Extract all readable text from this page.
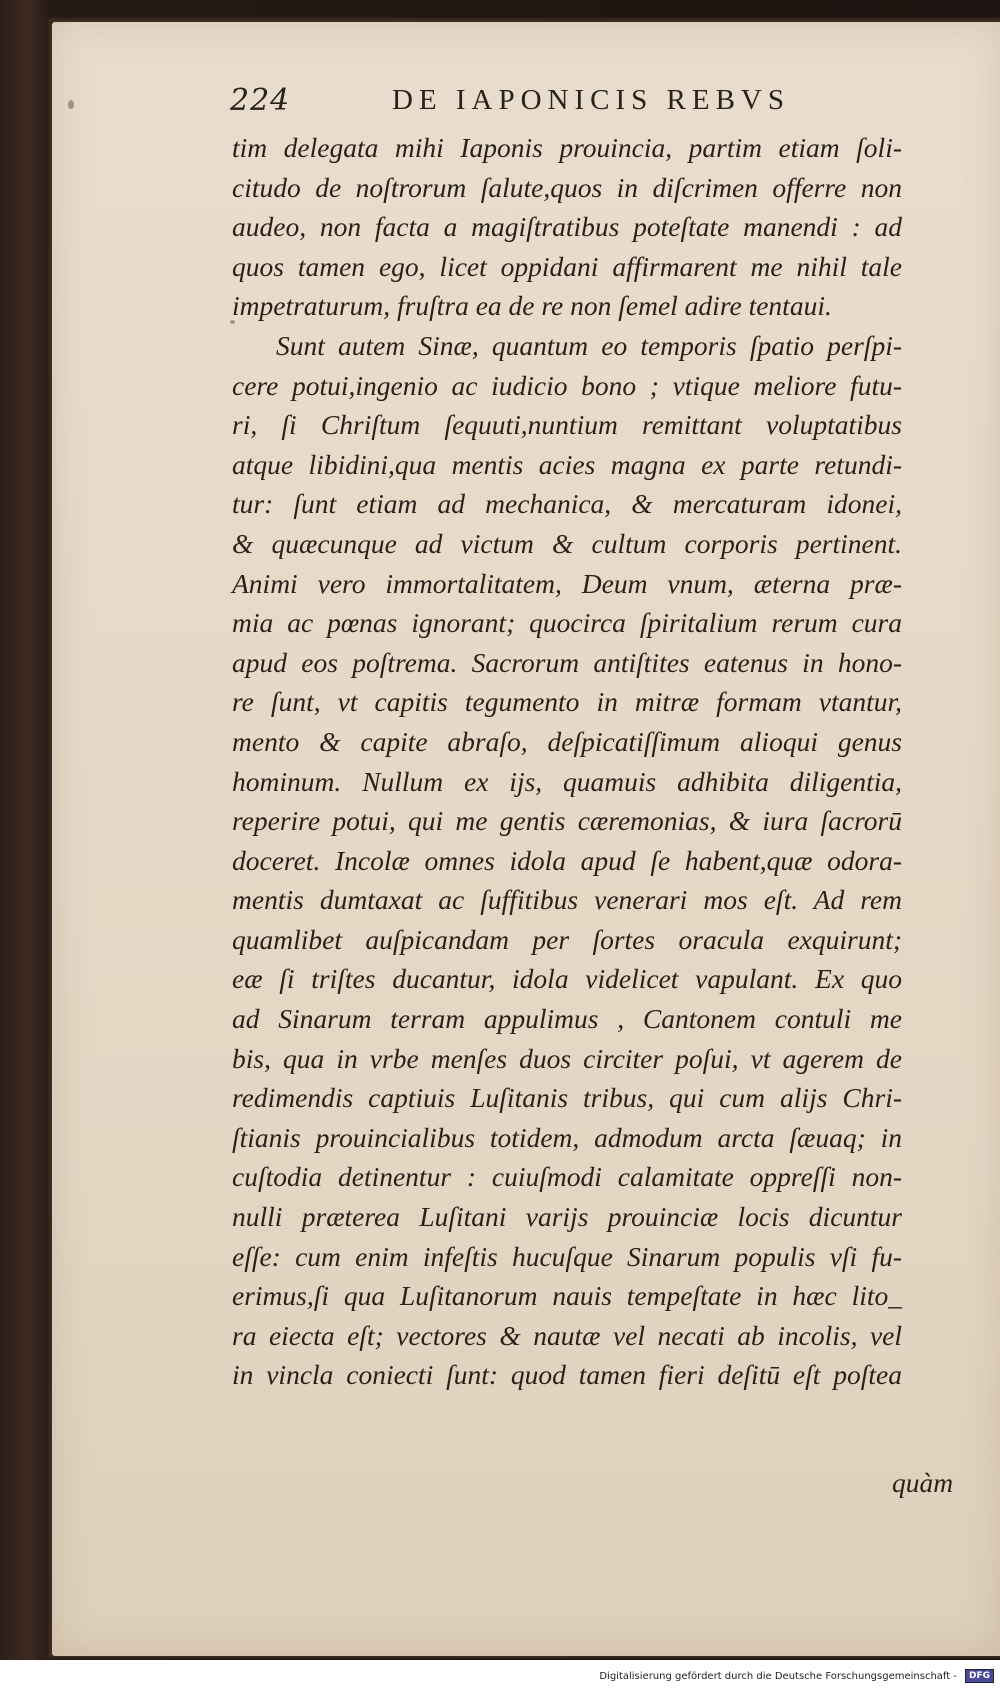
224	DE IAPONICIS REBVS
tim delegata mihi Iaponis prouincia, partim etiam ſoli-
citudo de noſtrorum ſalute,quos in diſcrimen offerre non
audeo, non facta a magiſtratibus poteſtate manendi : ad
quos tamen ego, licet oppidani affirmarent me nihil tale
impetraturum, fruſtra ea de re non ſemel adire tentaui.
Sunt autem Sinæ, quantum eo temporis ſpatio perſpi-
cere potui,ingenio ac iudicio bono ; vtique meliore futu-
ri, ſi Chriſtum ſequuti,nuntium remittant voluptatibus
atque libidini,qua mentis acies magna ex parte retundi-
tur: ſunt etiam ad mechanica, & mercaturam idonei,
& quæcunque ad victum & cultum corporis pertinent.
Animi vero immortalitatem, Deum vnum, æterna præ-
mia ac pœnas ignorant; quocirca ſpiritalium rerum cura
apud eos poſtrema. Sacrorum antiſtites eatenus in hono-
re ſunt, vt capitis tegumento in mitræ formam vtantur,
mento & capite abraſo, deſpicatiſſimum alioqui genus
hominum. Nullum ex ijs, quamuis adhibita diligentia,
reperire potui, qui me gentis cæremonias, & iura ſacrorū
doceret. Incolæ omnes idola apud ſe habent,quæ odora-
mentis dumtaxat ac ſuffitibus venerari mos eſt. Ad rem
quamlibet auſpicandam per ſortes oracula exquirunt;
eæ ſi triſtes ducantur, idola videlicet vapulant. Ex quo
ad Sinarum terram appulimus , Cantonem contuli me
bis, qua in vrbe menſes duos circiter poſui, vt agerem de
redimendis captiuis Luſitanis tribus, qui cum alijs Chri-
ſtianis prouincialibus totidem, admodum arcta ſæuaq; in
cuſtodia detinentur : cuiuſmodi calamitate oppreſſi non-
nulli præterea Luſitani varijs prouinciæ locis dicuntur
eſſe: cum enim infeſtis hucuſque Sinarum populis vſi fu-
erimus,ſi qua Luſitanorum nauis tempeſtate in hæc lito_
ra eiecta eſt; vectores & nautæ vel necati ab incolis, vel
in vincla coniecti ſunt: quod tamen fieri deſitū eſt poſtea
quàm
Digitalisierung gefördert durch die Deutsche Forschungsgemeinschaft -	DFG
